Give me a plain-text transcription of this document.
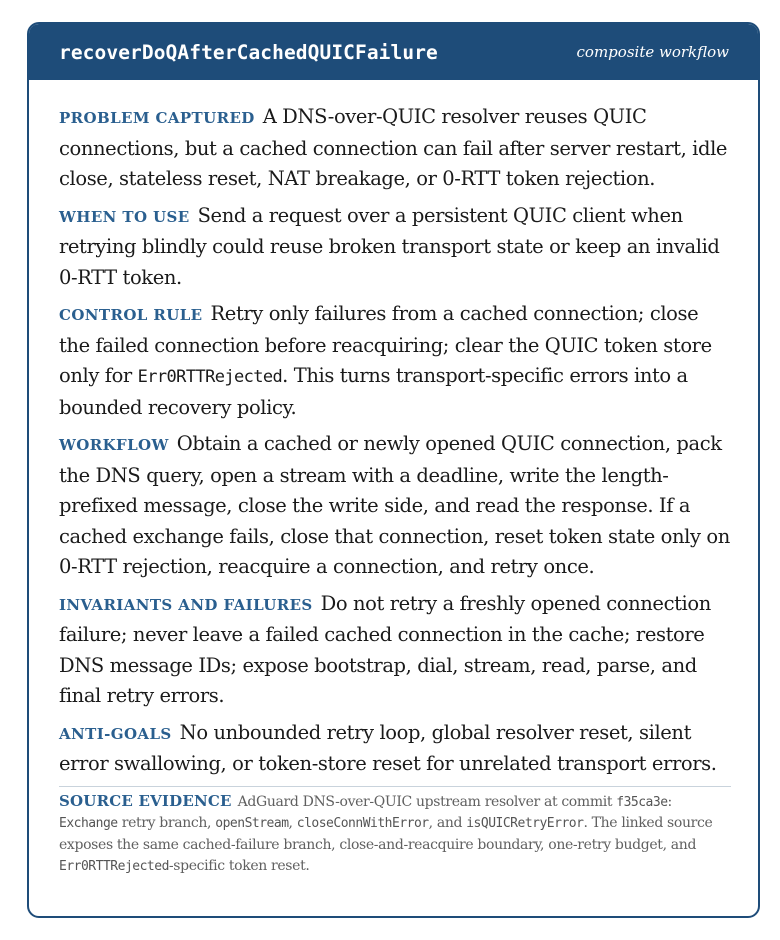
recoverDoQAfterCachedQUICFailure	composite workflow
PROBLEM CAPTURED A DNS-over-QUIC resolver reuses QUIC connections, but a cached connection can fail after server restart, idle close, stateless reset, NAT breakage, or 0-RTT token rejection.
WHEN TO USE Send a request over a persistent QUIC client when retrying blindly could reuse broken transport state or keep an invalid 0-RTT token.
CONTROL RULE Retry only failures from a cached connection; close the failed connection before reacquiring; clear the QUIC token store only for Err0RTTRejected. This turns transport-specific errors into a bounded recovery policy.
WORKFLOW Obtain a cached or newly opened QUIC connection, pack the DNS query, open a stream with a deadline, write the length-prefixed message, close the write side, and read the response. If a cached exchange fails, close that connection, reset token state only on 0-RTT rejection, reacquire a connection, and retry once.
INVARIANTS AND FAILURES Do not retry a freshly opened connection failure; never leave a failed cached connection in the cache; restore DNS message IDs; expose bootstrap, dial, stream, read, parse, and final retry errors.
ANTI-GOALS No unbounded retry loop, global resolver reset, silent error swallowing, or token-store reset for unrelated transport errors.
SOURCE EVIDENCE AdGuard DNS-over-QUIC upstream resolver at commit f35ca3e: Exchange retry branch, openStream, closeConnWithError, and isQUICRetryError. The linked source exposes the same cached-failure branch, close-and-reacquire boundary, one-retry budget, and Err0RTTRejected-specific token reset.
